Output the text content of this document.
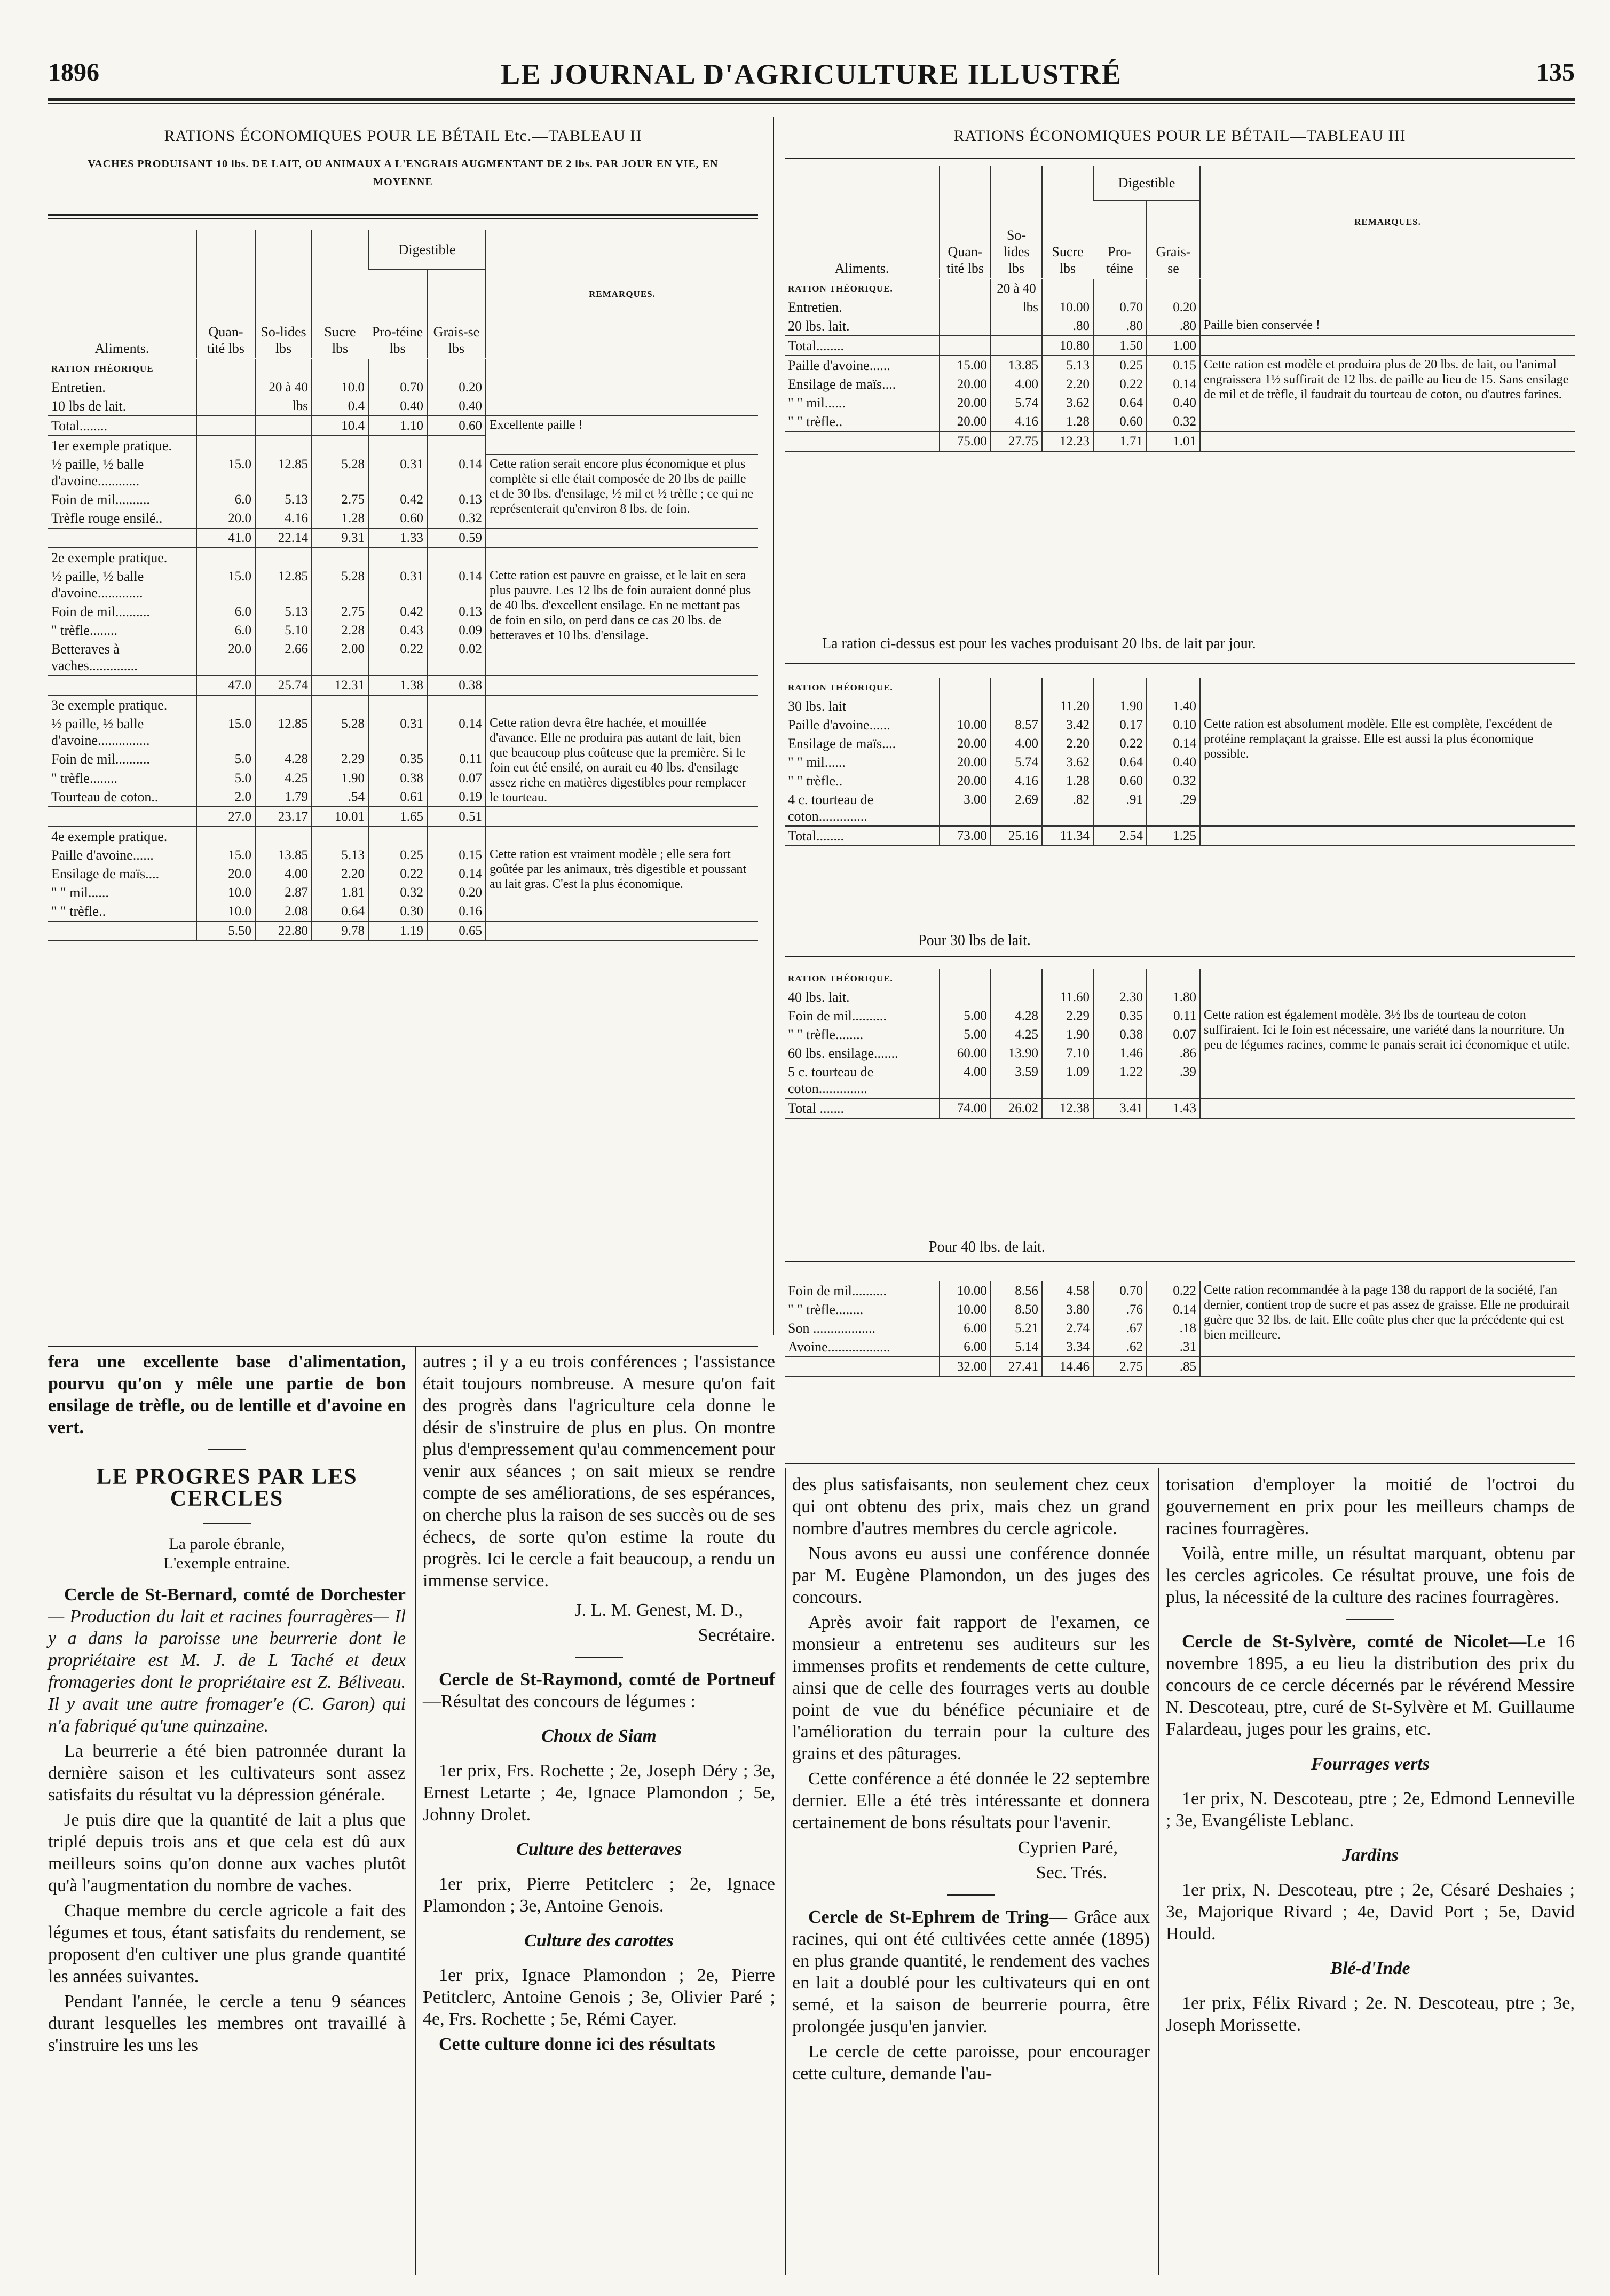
1896	LE JOURNAL D'AGRICULTURE ILLUSTRÉ	135
RATIONS ÉCONOMIQUES POUR LE BÉTAIL Etc.—TABLEAU II
VACHES PRODUISANT 10 lbs. DE LAIT, OU ANIMAUX A L'ENGRAIS AUGMENTANT DE 2 lbs. PAR JOUR EN VIE, EN MOYENNE
Aliments.	Quan-tité lbs	So-lides lbs	Sucre lbs	Digestible		REMARQUES.
				Pro-téine lbs	Grais-se lbs	
RATION THÉORIQUE						
Entretien.		20 à 40	10.0	0.70	0.20	
10 lbs de lait.		lbs	0.4	0.40	0.40	
Total........			10.4	1.10	0.60	Excellente paille !
1er exemple pratique.						
½ paille, ½ balle d'avoine............	15.0	12.85	5.28	0.31	0.14	Cette ration serait encore plus économique et plus complète si elle était composée de 20 lbs de paille et de 30 lbs. d'ensilage, ½ mil et ½ trèfle ; ce qui ne représenterait qu'environ 8 lbs. de foin.
Foin de mil..........	6.0	5.13	2.75	0.42	0.13	
Trèfle rouge ensilé..	20.0	4.16	1.28	0.60	0.32	
	41.0	22.14	9.31	1.33	0.59	
2e exemple pratique.						
½ paille, ½ balle d'avoine.............	15.0	12.85	5.28	0.31	0.14	Cette ration est pauvre en graisse, et le lait en sera plus pauvre. Les 12 lbs de foin auraient donné plus de 40 lbs. d'excellent ensilage. En ne mettant pas de foin en silo, on perd dans ce cas 20 lbs. de betteraves et 10 lbs. d'ensilage.
Foin de mil..........	6.0	5.13	2.75	0.42	0.13	
" trèfle........	6.0	5.10	2.28	0.43	0.09	
Betteraves à vaches..............	20.0	2.66	2.00	0.22	0.02	
	47.0	25.74	12.31	1.38	0.38	
3e exemple pratique.						
½ paille, ½ balle d'avoine...............	15.0	12.85	5.28	0.31	0.14	Cette ration devra être hachée, et mouillée d'avance. Elle ne produira pas autant de lait, bien que beaucoup plus coûteuse que la première. Si le foin eut été ensilé, on aurait eu 40 lbs. d'ensilage assez riche en matières digestibles pour remplacer le tourteau.
Foin de mil..........	5.0	4.28	2.29	0.35	0.11	
" trèfle........	5.0	4.25	1.90	0.38	0.07	
Tourteau de coton..	2.0	1.79	.54	0.61	0.19	
	27.0	23.17	10.01	1.65	0.51	
4e exemple pratique.						
Paille d'avoine......	15.0	13.85	5.13	0.25	0.15	Cette ration est vraiment modèle ; elle sera fort goûtée par les animaux, très digestible et poussant au lait gras. C'est la plus économique.
Ensilage de maïs....	20.0	4.00	2.20	0.22	0.14	
" " mil......	10.0	2.87	1.81	0.32	0.20	
" " trèfle..	10.0	2.08	0.64	0.30	0.16	
	5.50	22.80	9.78	1.19	0.65	
RATIONS ÉCONOMIQUES POUR LE BÉTAIL—TABLEAU III
Aliments.	Quan-tité lbs	So-lides lbs	Sucre lbs	Digestible		REMARQUES.
				Pro-téine	Grais-se	
RATION THÉORIQUE.		20 à 40				
Entretien.		lbs	10.00	0.70	0.20	
20 lbs. lait.			.80	.80	.80	Paille bien conservée !
Total........			10.80	1.50	1.00	
Paille d'avoine......	15.00	13.85	5.13	0.25	0.15	Cette ration est modèle et produira plus de 20 lbs. de lait, ou l'animal engraissera 1½ suffirait de 12 lbs. de paille au lieu de 15. Sans ensilage de mil et de trèfle, il faudrait du tourteau de coton, ou d'autres farines.
Ensilage de maïs....	20.00	4.00	2.20	0.22	0.14	
" " mil......	20.00	5.74	3.62	0.64	0.40	
" " trèfle..	20.00	4.16	1.28	0.60	0.32	
	75.00	27.75	12.23	1.71	1.01	
La ration ci-dessus est pour les vaches produisant 20 lbs. de lait par jour.
RATION THÉORIQUE.						
30 lbs. lait			11.20	1.90	1.40	
Paille d'avoine......	10.00	8.57	3.42	0.17	0.10	Cette ration est absolument modèle. Elle est complète, l'excédent de protéine remplaçant la graisse. Elle est aussi la plus économique possible.
Ensilage de maïs....	20.00	4.00	2.20	0.22	0.14	
" " mil......	20.00	5.74	3.62	0.64	0.40	
" " trèfle..	20.00	4.16	1.28	0.60	0.32	
4 c. tourteau de coton..............	3.00	2.69	.82	.91	.29	
Total........	73.00	25.16	11.34	2.54	1.25	
Pour 30 lbs de lait.
RATION THÉORIQUE.						
40 lbs. lait.			11.60	2.30	1.80	
Foin de mil..........	5.00	4.28	2.29	0.35	0.11	Cette ration est également modèle. 3½ lbs de tourteau de coton suffiraient. Ici le foin est nécessaire, une variété dans la nourriture. Un peu de légumes racines, comme le panais serait ici économique et utile.
" " trèfle........	5.00	4.25	1.90	0.38	0.07	
60 lbs. ensilage.......	60.00	13.90	7.10	1.46	.86	
5 c. tourteau de coton..............	4.00	3.59	1.09	1.22	.39	
Total .......	74.00	26.02	12.38	3.41	1.43	
Pour 40 lbs. de lait.
Foin de mil..........	10.00	8.56	4.58	0.70	0.22	Cette ration recommandée à la page 138 du rapport de la société, l'an dernier, contient trop de sucre et pas assez de graisse. Elle ne produirait guère que 32 lbs. de lait. Elle coûte plus cher que la précédente qui est bien meilleure.
" " trèfle........	10.00	8.50	3.80	.76	0.14	
Son ..................	6.00	5.21	2.74	.67	.18	
Avoine..................	6.00	5.14	3.34	.62	.31	
	32.00	27.41	14.46	2.75	.85	

fera une excellente base d'alimentation, pourvu qu'on y mêle une partie de bon ensilage de trèfle, ou de lentille et d'avoine en vert.

LE PROGRES PAR LES CERCLES

La parole ébranle,

L'exemple entraine.

Cercle de St-Bernard, comté de Dorchester— Production du lait et racines fourragères— Il y a dans la paroisse une beurrerie dont le propriétaire est M. J. de L Taché et deux fromageries dont le propriétaire est Z. Béliveau. Il y avait une autre fromager'e (C. Garon) qui n'a fabriqué qu'une quinzaine.

La beurrerie a été bien patronnée durant la dernière saison et les cultivateurs sont assez satisfaits du résultat vu la dépression générale.

Je puis dire que la quantité de lait a plus que triplé depuis trois ans et que cela est dû aux meilleurs soins qu'on donne aux vaches plutôt qu'à l'augmentation du nombre de vaches.

Chaque membre du cercle agricole a fait des légumes et tous, étant satisfaits du rendement, se proposent d'en cultiver une plus grande quantité les années suivantes.

Pendant l'année, le cercle a tenu 9 séances durant lesquelles les membres ont travaillé à s'instruire les uns les

autres ; il y a eu trois conférences ; l'assistance était toujours nombreuse. A mesure qu'on fait des progrès dans l'agriculture cela donne le désir de s'instruire de plus en plus. On montre plus d'empressement qu'au commencement pour venir aux séances ; on sait mieux se rendre compte de ses améliorations, de ses espérances, on cherche plus la raison de ses succès ou de ses échecs, de sorte qu'on estime la route du progrès. Ici le cercle a fait beaucoup, a rendu un immense service.

J. L. M. Genest, M. D.,

Secrétaire.

Cercle de St-Raymond, comté de Portneuf—Résultat des concours de légumes :

Choux de Siam

1er prix, Frs. Rochette ; 2e, Joseph Déry ; 3e, Ernest Letarte ; 4e, Ignace Plamondon ; 5e, Johnny Drolet.

Culture des betteraves

1er prix, Pierre Petitclerc ; 2e, Ignace Plamondon ; 3e, Antoine Genois.

Culture des carottes

1er prix, Ignace Plamondon ; 2e, Pierre Petitclerc, Antoine Genois ; 3e, Olivier Paré ; 4e, Frs. Rochette ; 5e, Rémi Cayer.

Cette culture donne ici des résultats

des plus satisfaisants, non seulement chez ceux qui ont obtenu des prix, mais chez un grand nombre d'autres membres du cercle agricole.

Nous avons eu aussi une conférence donnée par M. Eugène Plamondon, un des juges des concours.

Après avoir fait rapport de l'examen, ce monsieur a entretenu ses auditeurs sur les immenses profits et rendements de cette culture, ainsi que de celle des fourrages verts au double point de vue du bénéfice pécuniaire et de l'amélioration du terrain pour la culture des grains et des pâturages.

Cette conférence a été donnée le 22 septembre dernier. Elle a été très intéressante et donnera certainement de bons résultats pour l'avenir.

Cyprien Paré,

Sec. Trés.

Cercle de St-Ephrem de Tring— Grâce aux racines, qui ont été cultivées cette année (1895) en plus grande quantité, le rendement des vaches en lait a doublé pour les cultivateurs qui en ont semé, et la saison de beurrerie pourra, être prolongée jusqu'en janvier.

Le cercle de cette paroisse, pour encourager cette culture, demande l'au-

torisation d'employer la moitié de l'octroi du gouvernement en prix pour les meilleurs champs de racines fourragères.

Voilà, entre mille, un résultat marquant, obtenu par les cercles agricoles. Ce résultat prouve, une fois de plus, la nécessité de la culture des racines fourragères.

Cercle de St-Sylvère, comté de Nicolet—Le 16 novembre 1895, a eu lieu la distribution des prix du concours de ce cercle décernés par le révérend Messire N. Descoteau, ptre, curé de St-Sylvère et M. Guillaume Falardeau, juges pour les grains, etc.

Fourrages verts

1er prix, N. Descoteau, ptre ; 2e, Edmond Lenneville ; 3e, Evangéliste Leblanc.

Jardins

1er prix, N. Descoteau, ptre ; 2e, Césaré Deshaies ; 3e, Majorique Rivard ; 4e, David Port ; 5e, David Hould.

Blé-d'Inde

1er prix, Félix Rivard ; 2e. N. Descoteau, ptre ; 3e, Joseph Morissette.
